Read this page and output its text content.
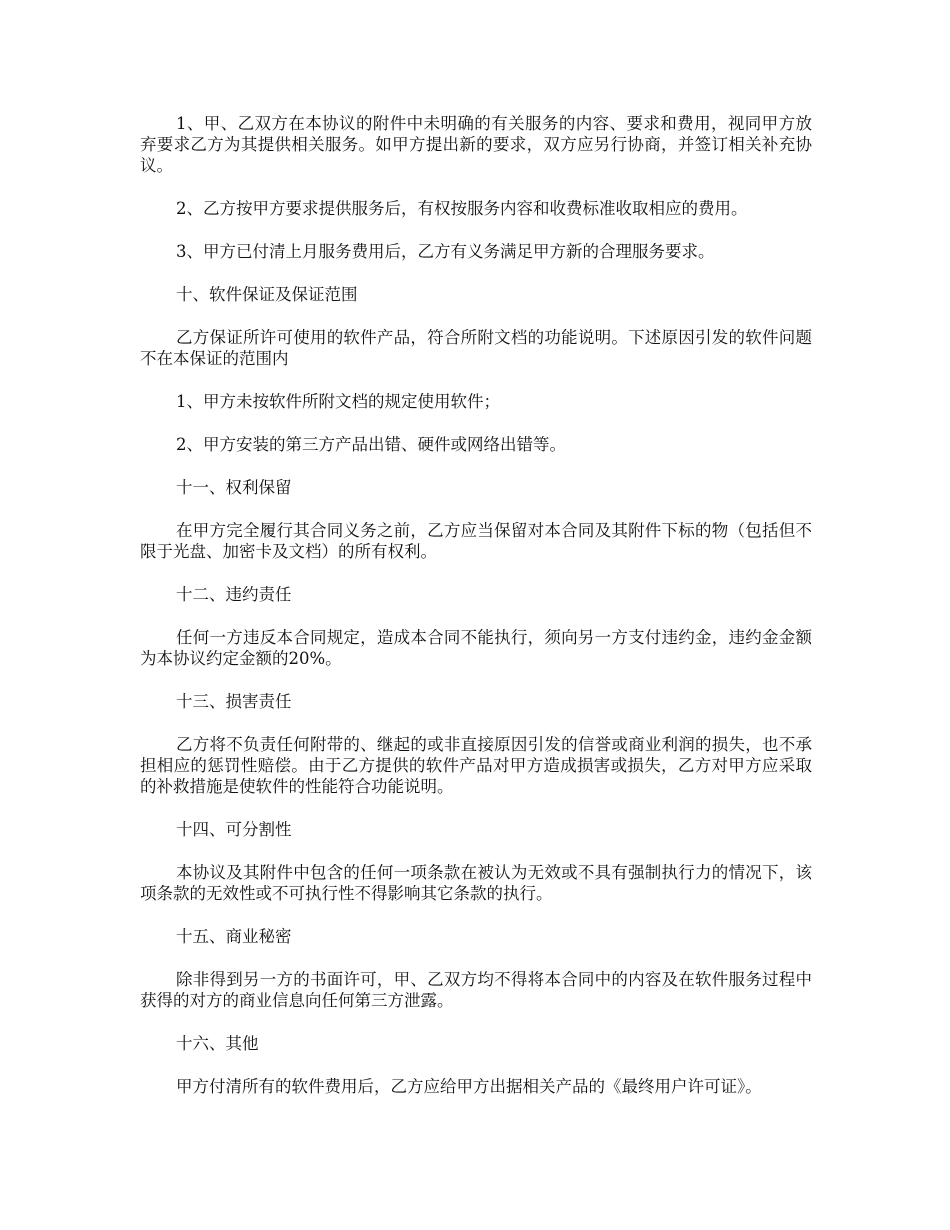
1、甲、乙双方在本协议的附件中未明确的有关服务的内容、要求和费用，视同甲方放弃要求乙方为其提供相关服务。如甲方提出新的要求，双方应另行协商，并签订相关补充协议。

2、乙方按甲方要求提供服务后，有权按服务内容和收费标准收取相应的费用。

3、甲方已付清上月服务费用后，乙方有义务满足甲方新的合理服务要求。

十、软件保证及保证范围

乙方保证所许可使用的软件产品，符合所附文档的功能说明。下述原因引发的软件问题不在本保证的范围内

1、甲方未按软件所附文档的规定使用软件；

2、甲方安装的第三方产品出错、硬件或网络出错等。

十一、权利保留

在甲方完全履行其合同义务之前，乙方应当保留对本合同及其附件下标的物（包括但不限于光盘、加密卡及文档）的所有权利。

十二、违约责任

任何一方违反本合同规定，造成本合同不能执行，须向另一方支付违约金，违约金金额为本协议约定金额的20%。

十三、损害责任

乙方将不负责任何附带的、继起的或非直接原因引发的信誉或商业利润的损失，也不承担相应的惩罚性赔偿。由于乙方提供的软件产品对甲方造成损害或损失，乙方对甲方应采取的补救措施是使软件的性能符合功能说明。

十四、可分割性

本协议及其附件中包含的任何一项条款在被认为无效或不具有强制执行力的情况下，该项条款的无效性或不可执行性不得影响其它条款的执行。

十五、商业秘密

除非得到另一方的书面许可，甲、乙双方均不得将本合同中的内容及在软件服务过程中获得的对方的商业信息向任何第三方泄露。

十六、其他

甲方付清所有的软件费用后，乙方应给甲方出据相关产品的《最终用户许可证》。
